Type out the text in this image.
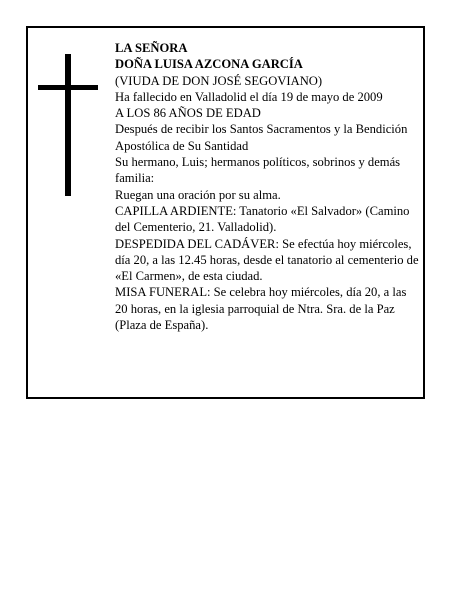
LA SEÑORA
DOÑA LUISA AZCONA GARCÍA
(VIUDA DE DON JOSÉ SEGOVIANO)
Ha fallecido en Valladolid el día 19 de mayo de 2009
A LOS 86 AÑOS DE EDAD
Después de recibir los Santos Sacramentos y la Bendición Apostólica de Su Santidad
Su hermano, Luis; hermanos políticos, sobrinos y demás familia:
Ruegan una oración por su alma.
CAPILLA ARDIENTE: Tanatorio «El Salvador» (Camino del Cementerio, 21. Valladolid).
DESPEDIDA DEL CADÁVER: Se efectúa hoy miércoles, día 20, a las 12.45 horas, desde el tanatorio al cementerio de «El Carmen», de esta ciudad.
MISA FUNERAL: Se celebra hoy miércoles, día 20, a las 20 horas, en la iglesia parroquial de Ntra. Sra. de la Paz (Plaza de España).
